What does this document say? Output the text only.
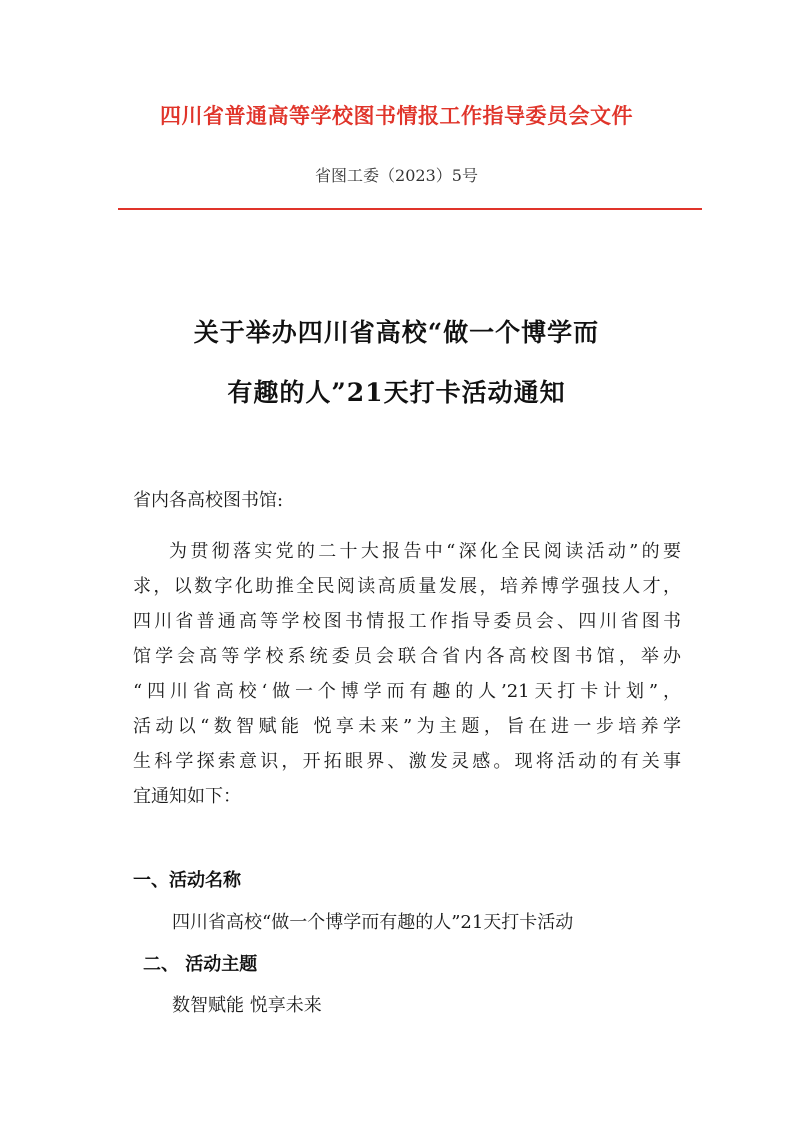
四川省普通高等学校图书情报工作指导委员会文件
省图工委（2023）5号
关于举办四川省高校“做一个博学而
有趣的人”21天打卡活动通知
省内各高校图书馆:
为贯彻落实党的二十大报告中“深化全民阅读活动”的要
求，以数字化助推全民阅读高质量发展，培养博学强技人才，
四川省普通高等学校图书情报工作指导委员会、四川省图书
馆学会高等学校系统委员会联合省内各高校图书馆，举办
“四川省高校‘做一个博学而有趣的人’21天打卡计划”，
活动以“数智赋能 悦享未来”为主题，旨在进一步培养学
生科学探索意识，开拓眼界、激发灵感。现将活动的有关事
宜通知如下：
一、活动名称
四川省高校“做一个博学而有趣的人”21天打卡活动
二、 活动主题
数智赋能 悦享未来
